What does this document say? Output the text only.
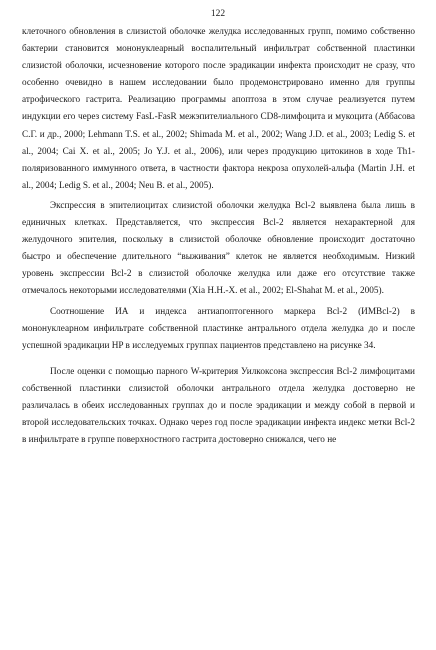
122

клеточного обновления в слизистой оболочке желудка исследованных групп, помимо собственно бактерии становится мононуклеарный воспалительный инфильтрат собственной пластинки слизистой оболочки, исчезновение которого после эрадикации инфекта происходит не сразу, что особенно очевидно в нашем исследовании было продемонстрировано именно для группы атрофического гастрита. Реализацию программы апоптоза в этом случае реализуется путем индукции его через систему FasL-FasR межэпителиального CD8-лимфоцита и мукоцита (Аббасова С.Г. и др., 2000; Lehmann T.S. et al., 2002; Shimada M. et al., 2002; Wang J.D. et al., 2003; Ledig S. et al., 2004; Cai X. et al., 2005; Jo Y.J. et al., 2006), или через продукцию цитокинов в ходе Th1-поляризованного иммунного ответа, в частности фактора некроза опухолей-альфа (Martin J.H. et al., 2004; Ledig S. et al., 2004; Neu B. et al., 2005).

Экспрессия в эпителиоцитах слизистой оболочки желудка Bcl-2 выявлена была лишь в единичных клетках. Представляется, что экспрессия Bcl-2 является нехарактерной для желудочного эпителия, поскольку в слизистой оболочке обновление происходит достаточно быстро и обеспечение длительного “выживания” клеток не является необходимым. Низкий уровень экспрессии Bcl-2 в слизистой оболочке желудка или даже его отсутствие также отмечалось некоторыми исследователями (Xia H.H.-X. et al., 2002; El-Shahat M. et al., 2005).

Соотношение ИА и индекса антиапоптогенного маркера Bcl-2 (ИМBcl-2) в мононуклеарном инфильтрате собственной пластинке антрального отдела желудка до и после успешной эрадикации HP в исследуемых группах пациентов представлено на рисунке 34.

После оценки с помощью парного W-критерия Уилкоксона экспрессия Bcl-2 лимфоцитами собственной пластинки слизистой оболочки антрального отдела желудка достоверно не различалась в обеих исследованных группах до и после эрадикации и между собой в первой и второй исследовательских точках. Однако через год после эрадикации инфекта индекс метки Bcl-2 в инфильтрате в группе поверхностного гастрита достоверно снижался, чего не
